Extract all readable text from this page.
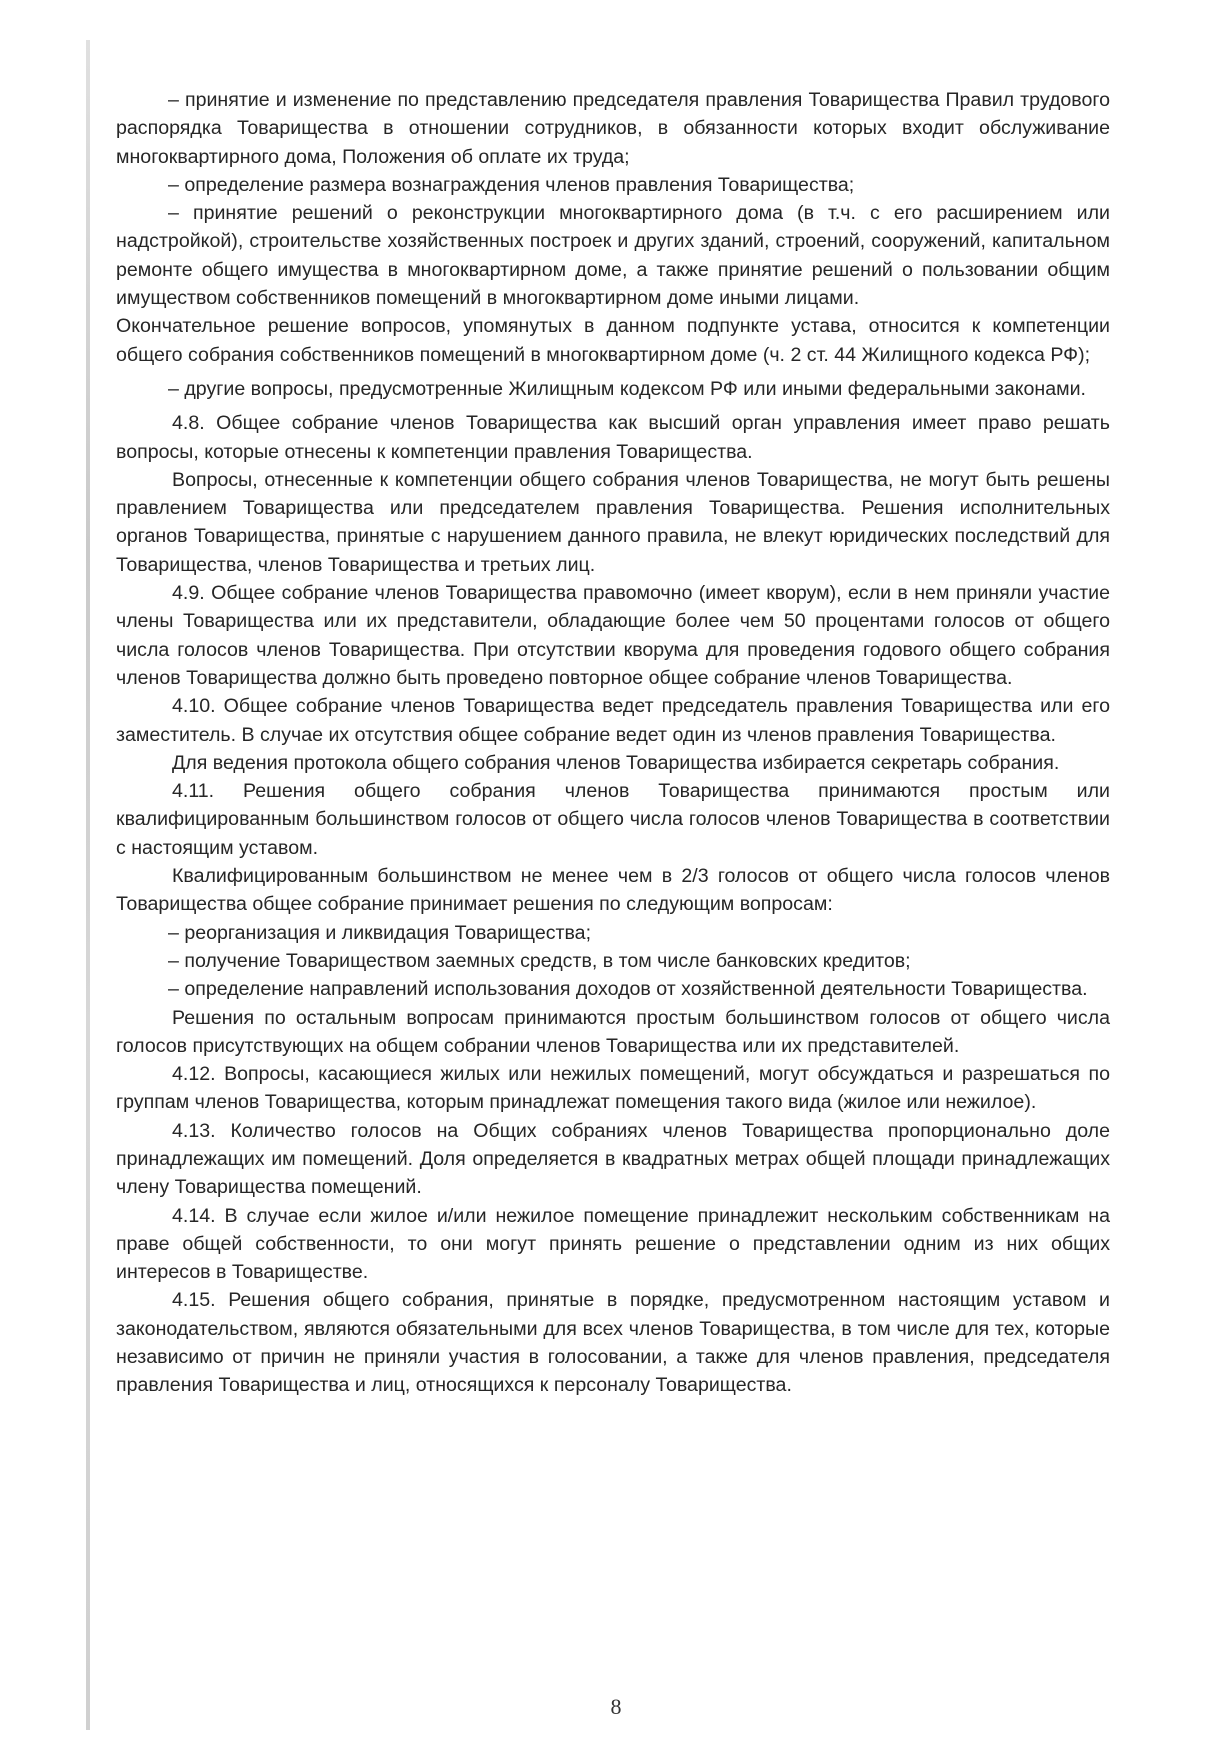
– принятие и изменение по представлению председателя правления Товарищества Правил трудового распорядка Товарищества в отношении сотрудников, в обязанности которых входит обслуживание многоквартирного дома, Положения об оплате их труда;

– определение размера вознаграждения членов правления Товарищества;

– принятие решений о реконструкции многоквартирного дома (в т.ч. с его расширением или надстройкой), строительстве хозяйственных построек и других зданий, строений, сооружений, капитальном ремонте общего имущества в многоквартирном доме, а также принятие решений о пользовании общим имуществом собственников помещений в многоквартирном доме иными лицами.

Окончательное решение вопросов, упомянутых в данном подпункте устава, относится к компетенции общего собрания собственников помещений в многоквартирном доме (ч. 2 ст. 44 Жилищного кодекса РФ);

– другие вопросы, предусмотренные Жилищным кодексом РФ или иными федеральными законами.

4.8. Общее собрание членов Товарищества как высший орган управления имеет право решать вопросы, которые отнесены к компетенции правления Товарищества.

Вопросы, отнесенные к компетенции общего собрания членов Товарищества, не могут быть решены правлением Товарищества или председателем правления Товарищества. Решения исполнительных органов Товарищества, принятые с нарушением данного правила, не влекут юридических последствий для Товарищества, членов Товарищества и третьих лиц.

4.9. Общее собрание членов Товарищества правомочно (имеет кворум), если в нем приняли участие члены Товарищества или их представители, обладающие более чем 50 процентами голосов от общего числа голосов членов Товарищества. При отсутствии кворума для проведения годового общего собрания членов Товарищества должно быть проведено повторное общее собрание членов Товарищества.

4.10. Общее собрание членов Товарищества ведет председатель правления Товарищества или его заместитель. В случае их отсутствия общее собрание ведет один из членов правления Товарищества.

Для ведения протокола общего собрания членов Товарищества избирается секретарь собрания.

4.11. Решения общего собрания членов Товарищества принимаются простым или квалифицированным большинством голосов от общего числа голосов членов Товарищества в соответствии с настоящим уставом.

Квалифицированным большинством не менее чем в 2/3 голосов от общего числа голосов членов Товарищества общее собрание принимает решения по следующим вопросам:

– реорганизация и ликвидация Товарищества;

– получение Товариществом заемных средств, в том числе банковских кредитов;

– определение направлений использования доходов от хозяйственной деятельности Товарищества.

Решения по остальным вопросам принимаются простым большинством голосов от общего числа голосов присутствующих на общем собрании членов Товарищества или их представителей.

4.12. Вопросы, касающиеся жилых или нежилых помещений, могут обсуждаться и разрешаться по группам членов Товарищества, которым принадлежат помещения такого вида (жилое или нежилое).

4.13. Количество голосов на Общих собраниях членов Товарищества пропорционально доле принадлежащих им помещений. Доля определяется в квадратных метрах общей площади принадлежащих члену Товарищества помещений.

4.14. В случае если жилое и/или нежилое помещение принадлежит нескольким собственникам на праве общей собственности, то они могут принять решение о представлении одним из них общих интересов в Товариществе.

4.15. Решения общего собрания, принятые в порядке, предусмотренном настоящим уставом и законодательством, являются обязательными для всех членов Товарищества, в том числе для тех, которые независимо от причин не приняли участия в голосовании, а также для членов правления, председателя правления Товарищества и лиц, относящихся к персоналу Товарищества.

8
